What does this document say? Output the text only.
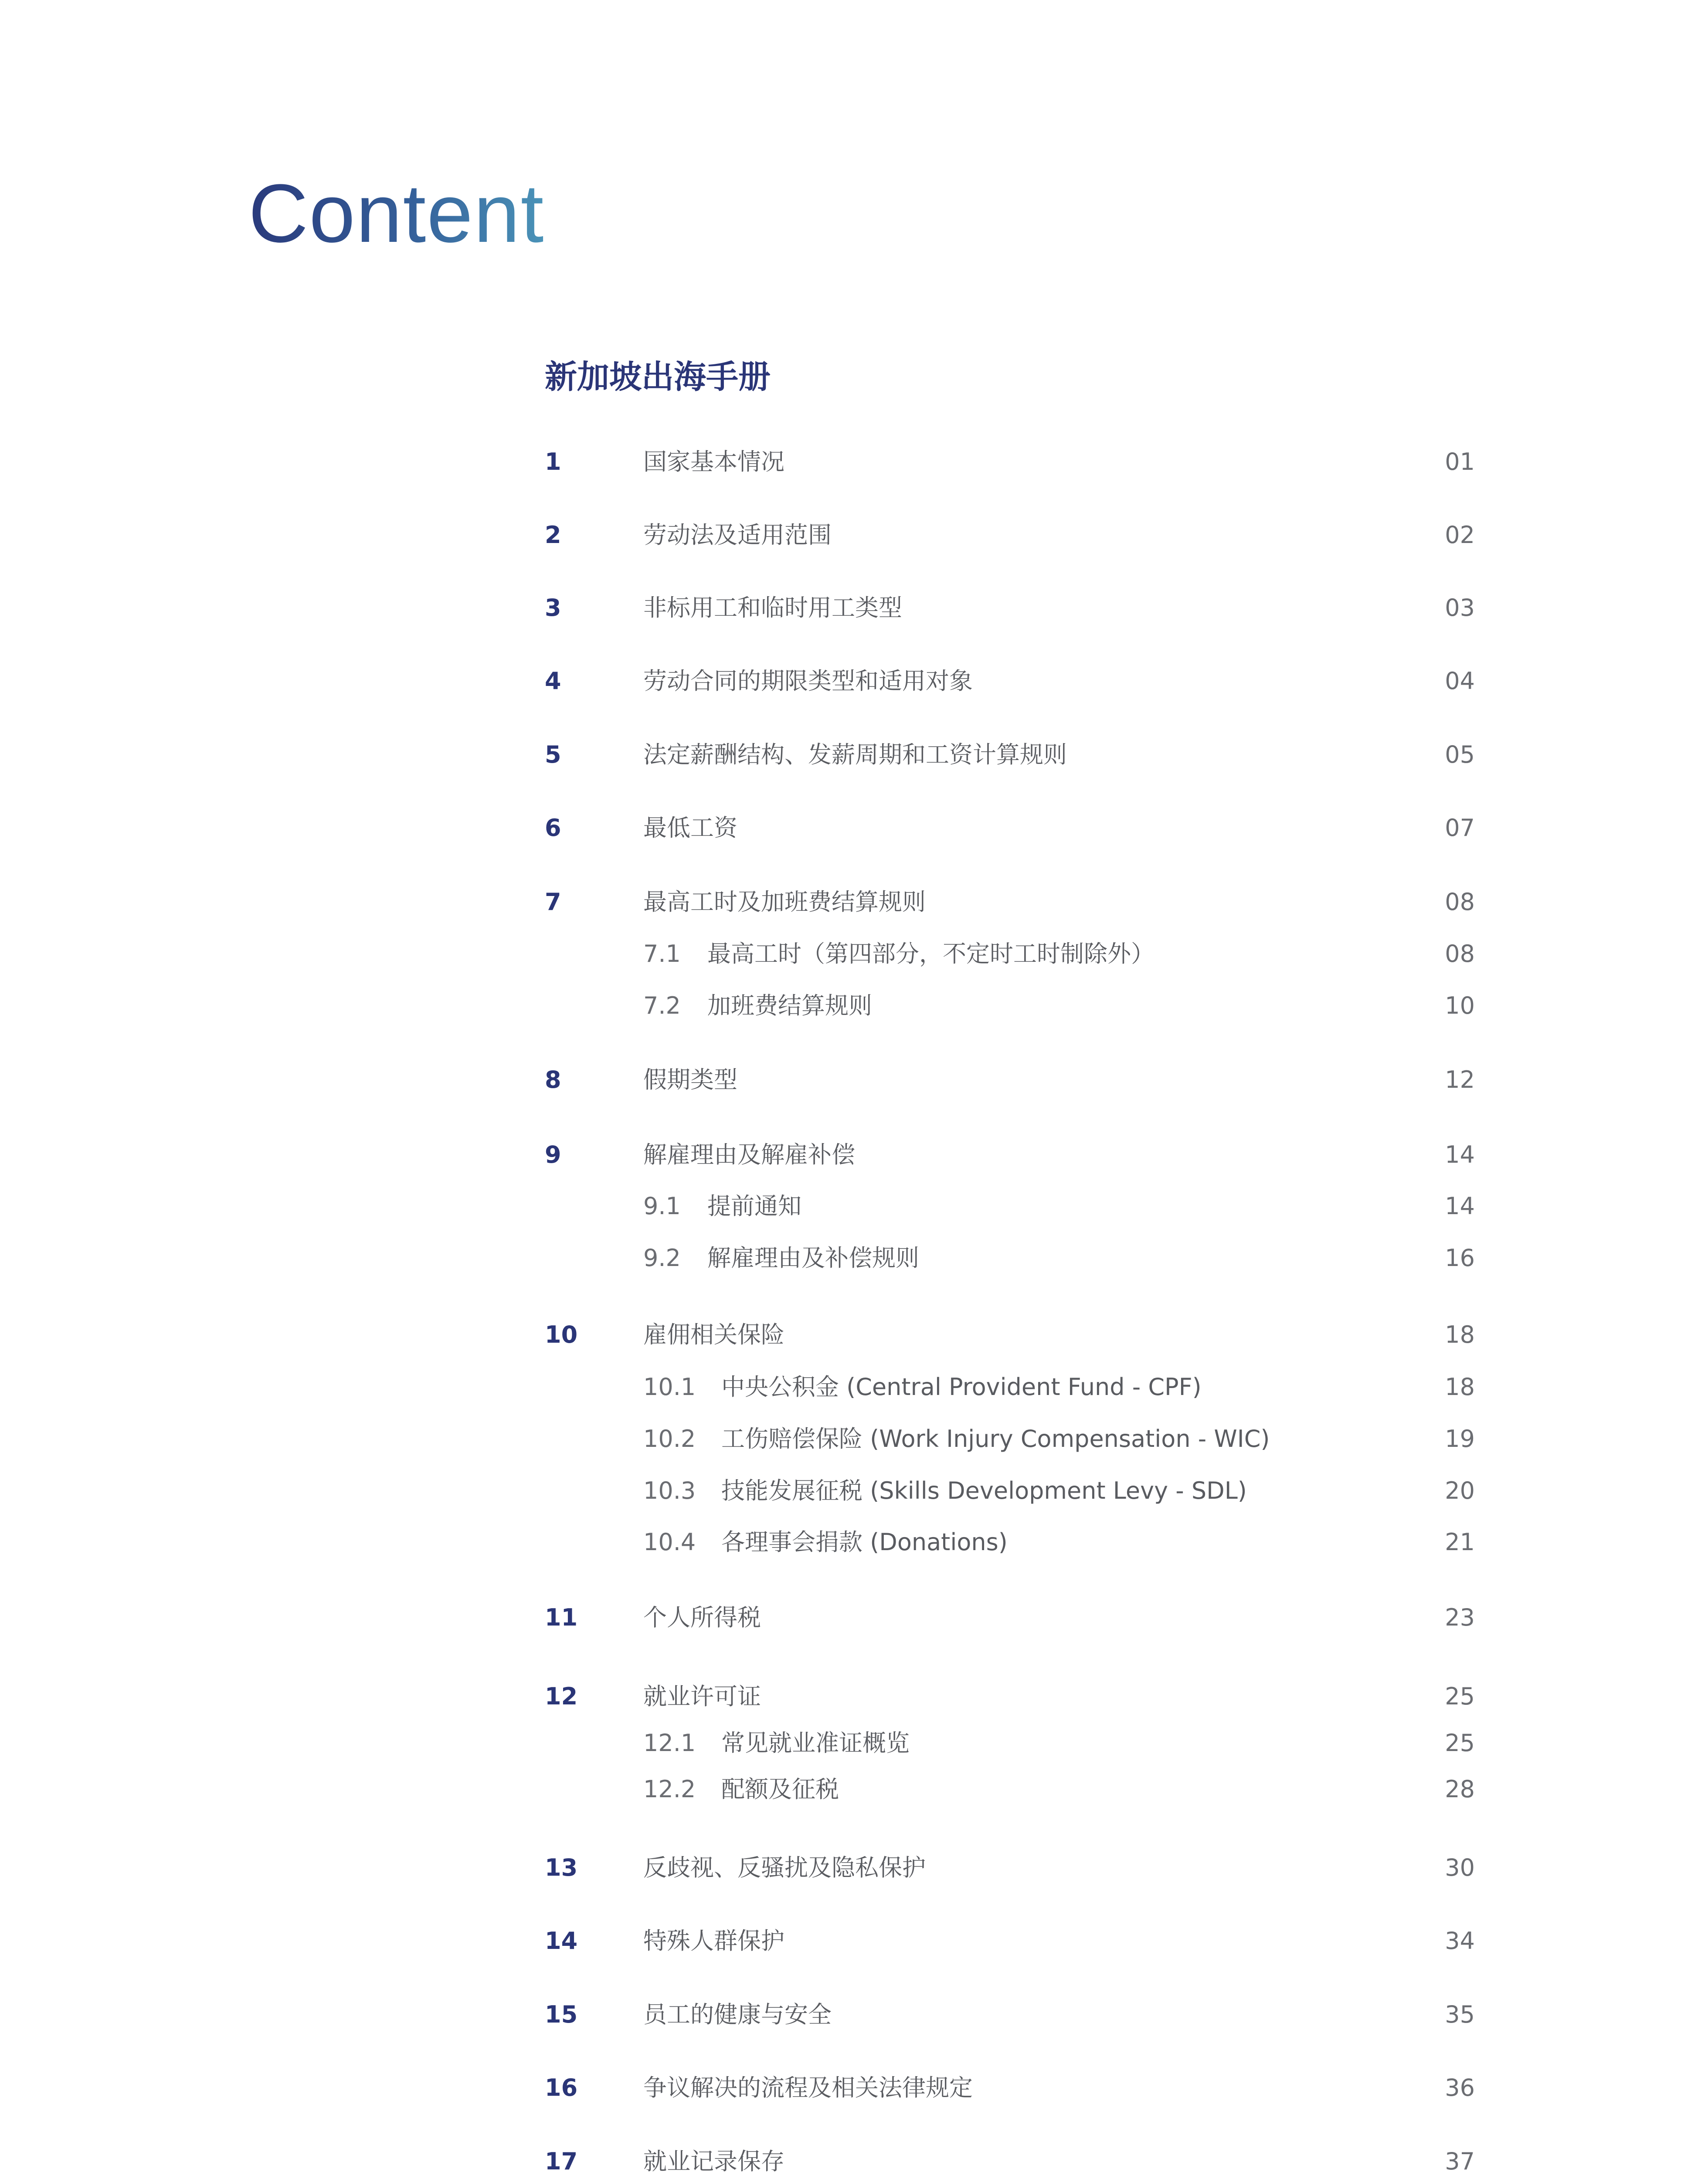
Content
新加坡出海手册
1	国家基本情况	01
2	劳动法及适用范围	02
3	非标用工和临时用工类型	03
4	劳动合同的期限类型和适用对象	04
5	法定薪酬结构、发薪周期和工资计算规则	05
6	最低工资	07
7	最高工时及加班费结算规则	08
7.1 最高工时（第四部分，不定时工时制除外）	08
7.2 加班费结算规则	10
8	假期类型	12
9	解雇理由及解雇补偿	14
9.1 提前通知	14
9.2 解雇理由及补偿规则	16
10	雇佣相关保险	18
10.1 中央公积金 (Central Provident Fund - CPF)	18
10.2 工伤赔偿保险 (Work Injury Compensation - WIC)	19
10.3 技能发展征税 (Skills Development Levy - SDL)	20
10.4 各理事会捐款 (Donations)	21
11	个人所得税	23
12	就业许可证	25
12.1 常见就业准证概览	25
12.2 配额及征税	28
13	反歧视、反骚扰及隐私保护	30
14	特殊人群保护	34
15	员工的健康与安全	35
16	争议解决的流程及相关法律规定	36
17	就业记录保存	37
